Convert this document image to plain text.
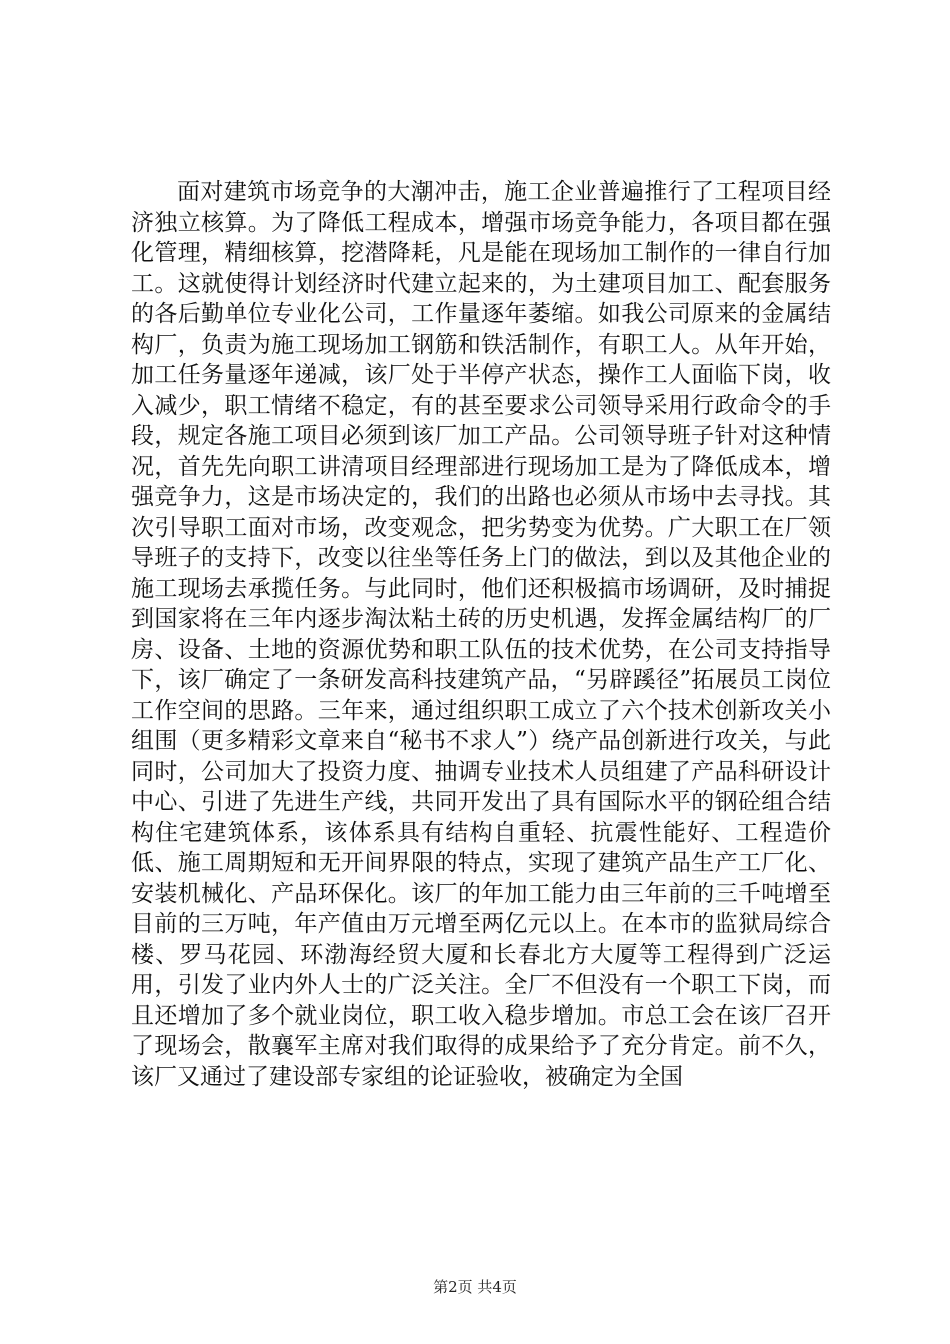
面对建筑市场竞争的大潮冲击，施工企业普遍推行了工程项目经济独立核算。为了降低工程成本，增强市场竞争能力，各项目都在强化管理，精细核算，挖潜降耗，凡是能在现场加工制作的一律自行加工。这就使得计划经济时代建立起来的，为土建项目加工、配套服务的各后勤单位专业化公司，工作量逐年萎缩。如我公司原来的金属结构厂，负责为施工现场加工钢筋和铁活制作，有职工人。从年开始，加工任务量逐年递减，该厂处于半停产状态，操作工人面临下岗，收入减少，职工情绪不稳定，有的甚至要求公司领导采用行政命令的手段，规定各施工项目必须到该厂加工产品。公司领导班子针对这种情况，首先先向职工讲清项目经理部进行现场加工是为了降低成本，增强竞争力，这是市场决定的，我们的出路也必须从市场中去寻找。其次引导职工面对市场，改变观念，把劣势变为优势。广大职工在厂领导班子的支持下，改变以往坐等任务上门的做法，到以及其他企业的施工现场去承揽任务。与此同时，他们还积极搞市场调研，及时捕捉到国家将在三年内逐步淘汰粘土砖的历史机遇，发挥金属结构厂的厂房、设备、土地的资源优势和职工队伍的技术优势，在公司支持指导下，该厂确定了一条研发高科技建筑产品，“另辟蹊径”拓展员工岗位工作空间的思路。三年来，通过组织职工成立了六个技术创新攻关小组围（更多精彩文章来自“秘书不求人”）绕产品创新进行攻关，与此同时，公司加大了投资力度、抽调专业技术人员组建了产品科研设计中心、引进了先进生产线，共同开发出了具有国际水平的钢砼组合结构住宅建筑体系，该体系具有结构自重轻、抗震性能好、工程造价低、施工周期短和无开间界限的特点，实现了建筑产品生产工厂化、安装机械化、产品环保化。该厂的年加工能力由三年前的三千吨增至目前的三万吨，年产值由万元增至两亿元以上。在本市的监狱局综合楼、罗马花园、环渤海经贸大厦和长春北方大厦等工程得到广泛运用，引发了业内外人士的广泛关注。全厂不但没有一个职工下岗，而且还增加了多个就业岗位，职工收入稳步增加。市总工会在该厂召开了现场会，散襄军主席对我们取得的成果给予了充分肯定。前不久，该厂又通过了建设部专家组的论证验收，被确定为全国

第2页 共4页
